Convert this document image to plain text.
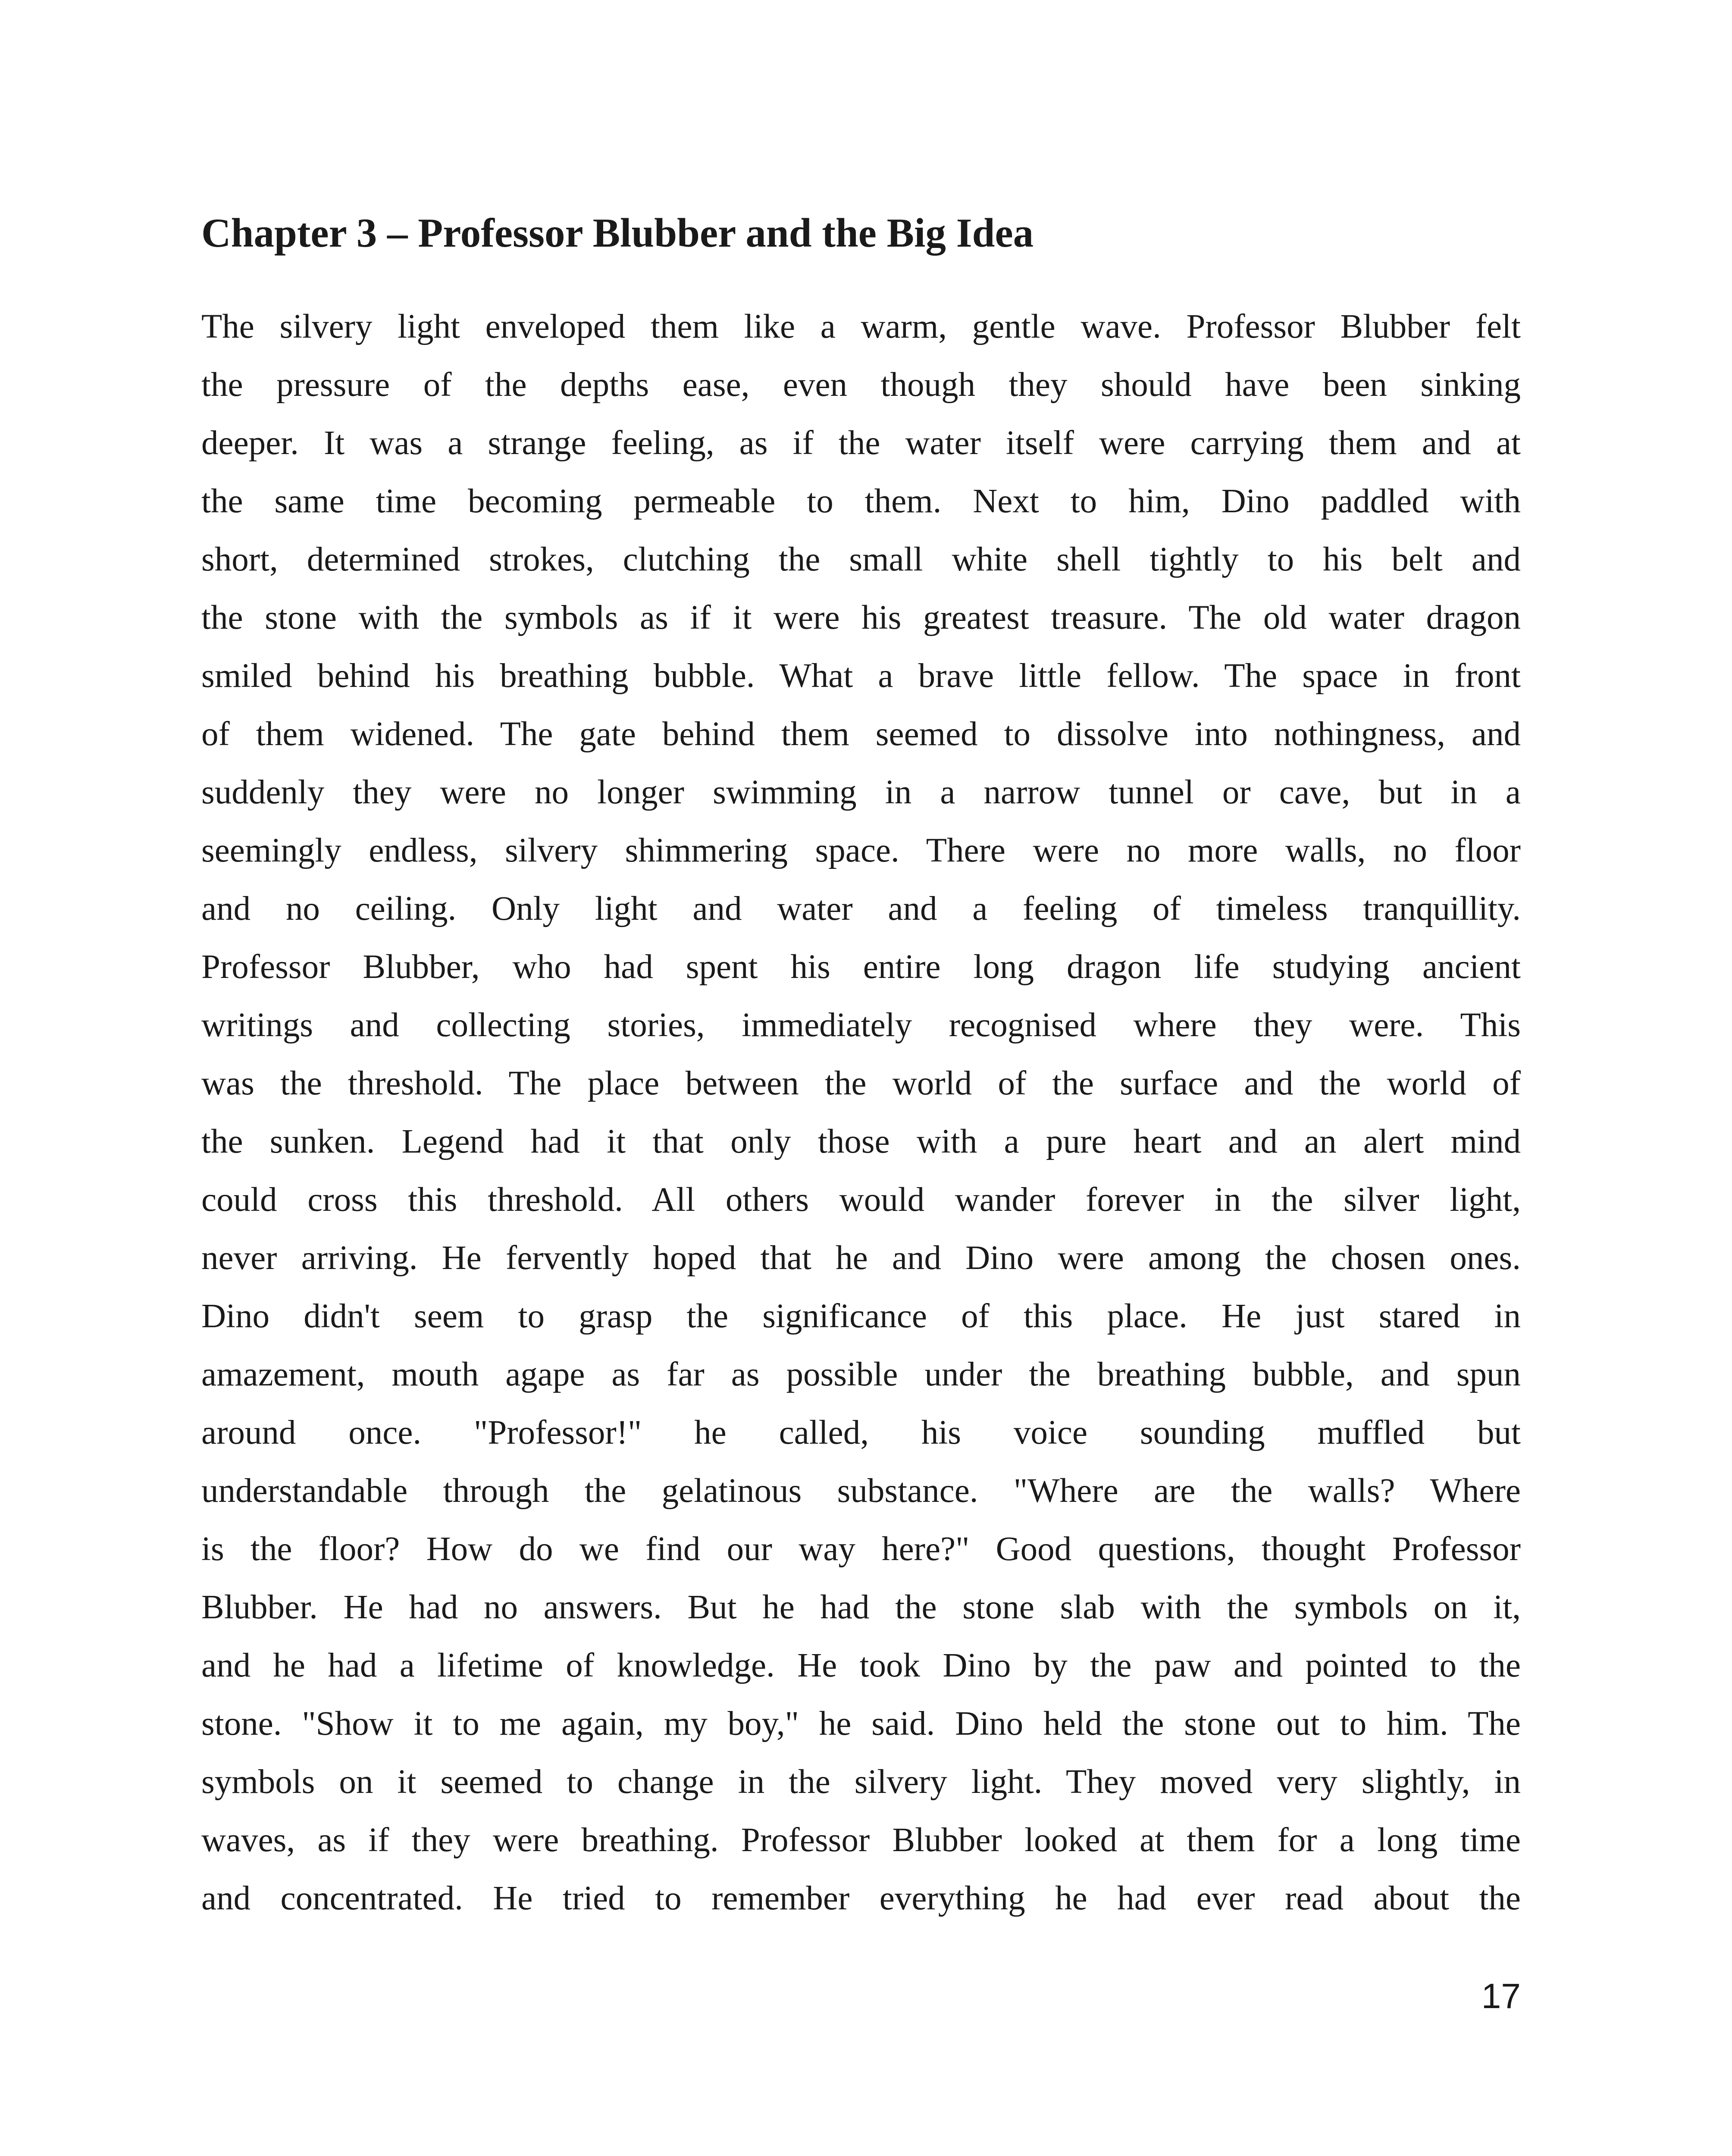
Chapter 3 – Professor Blubber and the Big Idea
The silvery light enveloped them like a warm, gentle wave. Professor Blubber felt
the pressure of the depths ease, even though they should have been sinking
deeper. It was a strange feeling, as if the water itself were carrying them and at
the same time becoming permeable to them. Next to him, Dino paddled with
short, determined strokes, clutching the small white shell tightly to his belt and
the stone with the symbols as if it were his greatest treasure. The old water dragon
smiled behind his breathing bubble. What a brave little fellow. The space in front
of them widened. The gate behind them seemed to dissolve into nothingness, and
suddenly they were no longer swimming in a narrow tunnel or cave, but in a
seemingly endless, silvery shimmering space. There were no more walls, no floor
and no ceiling. Only light and water and a feeling of timeless tranquillity.
Professor Blubber, who had spent his entire long dragon life studying ancient
writings and collecting stories, immediately recognised where they were. This
was the threshold. The place between the world of the surface and the world of
the sunken. Legend had it that only those with a pure heart and an alert mind
could cross this threshold. All others would wander forever in the silver light,
never arriving. He fervently hoped that he and Dino were among the chosen ones.
Dino didn't seem to grasp the significance of this place. He just stared in
amazement, mouth agape as far as possible under the breathing bubble, and spun
around once. "Professor!" he called, his voice sounding muffled but
understandable through the gelatinous substance. "Where are the walls? Where
is the floor? How do we find our way here?" Good questions, thought Professor
Blubber. He had no answers. But he had the stone slab with the symbols on it,
and he had a lifetime of knowledge. He took Dino by the paw and pointed to the
stone. "Show it to me again, my boy," he said. Dino held the stone out to him. The
symbols on it seemed to change in the silvery light. They moved very slightly, in
waves, as if they were breathing. Professor Blubber looked at them for a long time
and concentrated. He tried to remember everything he had ever read about the
17
